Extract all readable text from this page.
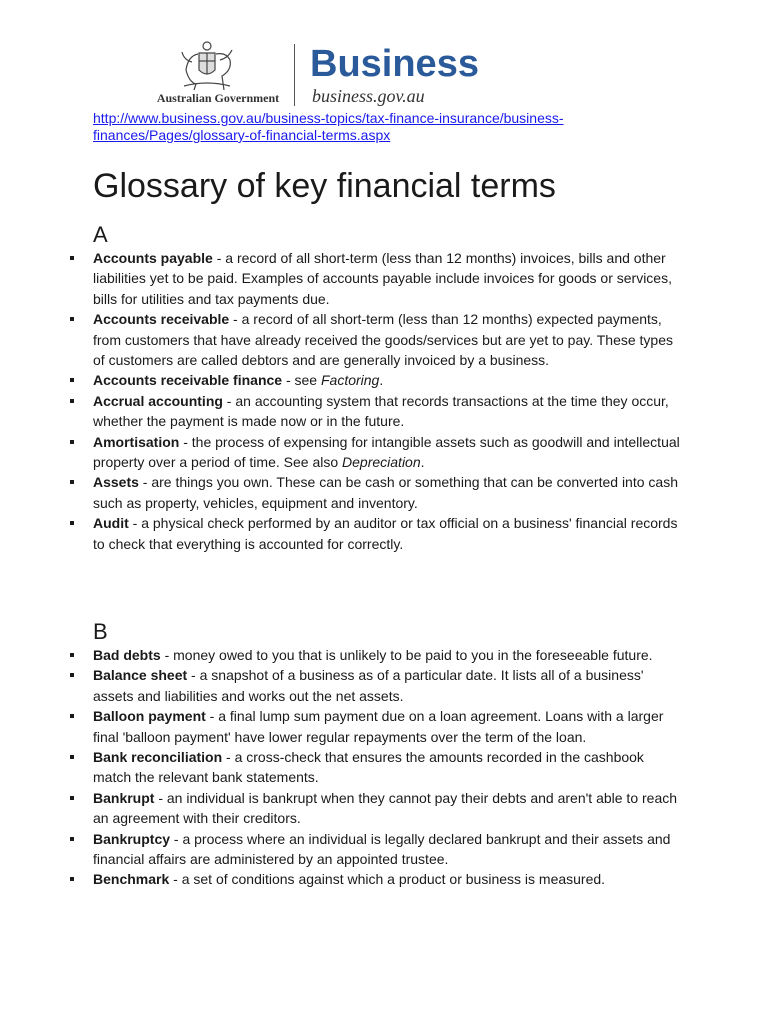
Australian Government
Business
business.gov.au
http://www.business.gov.au/business-topics/tax-finance-insurance/business-finances/Pages/glossary-of-financial-terms.aspx
Glossary of key financial terms
A
Accounts payable - a record of all short-term (less than 12 months) invoices, bills and other liabilities yet to be paid. Examples of accounts payable include invoices for goods or services, bills for utilities and tax payments due.
Accounts receivable - a record of all short-term (less than 12 months) expected payments, from customers that have already received the goods/services but are yet to pay. These types of customers are called debtors and are generally invoiced by a business.
Accounts receivable finance - see Factoring.
Accrual accounting - an accounting system that records transactions at the time they occur, whether the payment is made now or in the future.
Amortisation - the process of expensing for intangible assets such as goodwill and intellectual property over a period of time. See also Depreciation.
Assets - are things you own. These can be cash or something that can be converted into cash such as property, vehicles, equipment and inventory.
Audit - a physical check performed by an auditor or tax official on a business' financial records to check that everything is accounted for correctly.
B
Bad debts - money owed to you that is unlikely to be paid to you in the foreseeable future.
Balance sheet - a snapshot of a business as of a particular date. It lists all of a business' assets and liabilities and works out the net assets.
Balloon payment - a final lump sum payment due on a loan agreement. Loans with a larger final 'balloon payment' have lower regular repayments over the term of the loan.
Bank reconciliation - a cross-check that ensures the amounts recorded in the cashbook match the relevant bank statements.
Bankrupt - an individual is bankrupt when they cannot pay their debts and aren't able to reach an agreement with their creditors.
Bankruptcy - a process where an individual is legally declared bankrupt and their assets and financial affairs are administered by an appointed trustee.
Benchmark - a set of conditions against which a product or business is measured.
